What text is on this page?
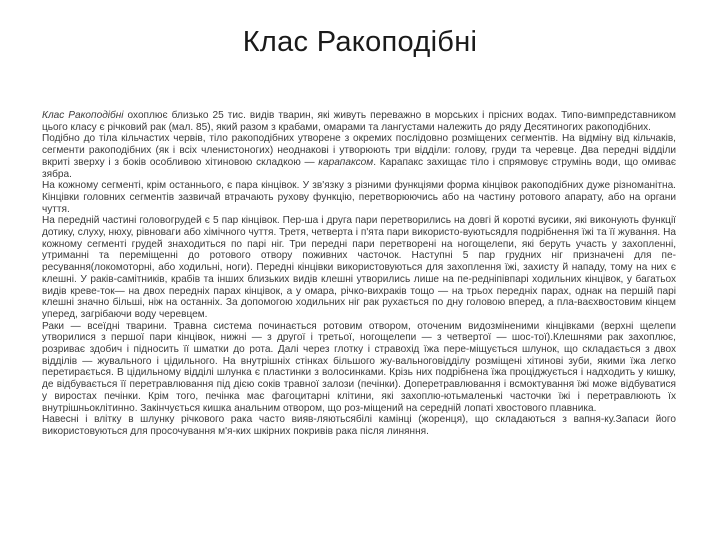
Клас Ракоподібні

Клас Ракоподібні охоплює близько 25 тис. видів тварин, які живуть переважно в морських і прісних водах. Типо-вимпредставником цього класу є річковий рак (мал. 85), який разом з крабами, омарами та лангустами належить до ряду Десятиногих ракоподібних.

Подібно до тіла кільчастих червів, тіло ракоподібних утворене з окремих послідовно розміщених сегментів. На відміну від кільчаків, сегменти ракоподібних (як і всіх членистоногих) неоднакові і утворюють три відділи: голову, груди та черевце. Два передні відділи вкриті зверху і з боків особливою хітиновою складкою — карапаксом. Карапакс захищає тіло і спрямовує струмінь води, що омиває зябра.

На кожному сегменті, крім останнього, є пара кінцівок. У зв'язку з різними функціями форма кінцівок ракоподібних дуже різноманітна. Кінцівки головних сегментів зазвичай втрачають рухову функцію, перетворюючись або на частину ротового апарату, або на органи чуття.

На передній частині головогрудей є 5 пар кінцівок. Пер-ша і друга пари перетворились на довгі й короткі вусики, які виконують функції дотику, слуху, нюху, рівноваги або хімічного чуття. Третя, четверта і п'ята пари використо-вуютьсядля подрібнення їжі та її жування. На кожному сегменті грудей знаходиться по парі ніг. Три передні пари перетворені на ногощелепи, які беруть участь у захопленні, утриманні та переміщенні до ротового отвору поживних часточок. Наступні 5 пар грудних ніг призначені для пе-ресування(локомоторні, або ходильні, ноги). Передні кінцівки використовуються для захоплення їжі, захисту й нападу, тому на них є клешні. У раків-самітників, крабів та інших близьких видів клешні утворились лише на пе-редніпівпарі ходильних кінцівок, у багатьох видів креве-ток— на двох передніх парах кінцівок, а у омара, річко-вихраків тощо — на трьох передніх парах, однак на першій парі клешні значно більші, ніж на останніх. За допомогою ходильних ніг рак рухається по дну головою вперед, а пла-ваєхвостовим кінцем уперед, загрібаючи воду черевцем.

Раки — всеїдні тварини. Травна система починається ротовим отвором, оточеним видозміненими кінцівками (верхні щелепи утворилися з першої пари кінцівок, нижні — з другої і третьої, ногощелепи — з четвертої — шос-тої).Клешнями рак захоплює, розриває здобич і підносить її шматки до рота. Далі через глотку і стравохід їжа пере-міщується шлунок, що складається з двох відділів — жувального і цідильного. На внутрішніх стінках більшого жу-вальноговідділу розміщені хітинові зуби, якими їжа легко перетирається. В цідильному відділі шлунка є пластинки з волосинками. Крізь них подрібнена їжа проціджується і надходить у кишку, де відбувається її перетравлювання під дією соків травної залози (печінки). Доперетравлювання і всмоктування їжі може відбуватися у виростах печінки. Крім того, печінка має фагоцитарні клітини, які захоплю-ютьмаленькі часточки їжі і перетравлюють їх внутрішньоклітинно. Закінчується кишка анальним отвором, що роз-міщений на середній лопаті хвостового плавника.

Навесні і влітку в шлунку річкового рака часто вияв-ляютьсябілі камінці (жоренця), що складаються з вапня-ку.Запаси його використовуються для просочування м'я-ких шкірних покривів рака після линяння.
